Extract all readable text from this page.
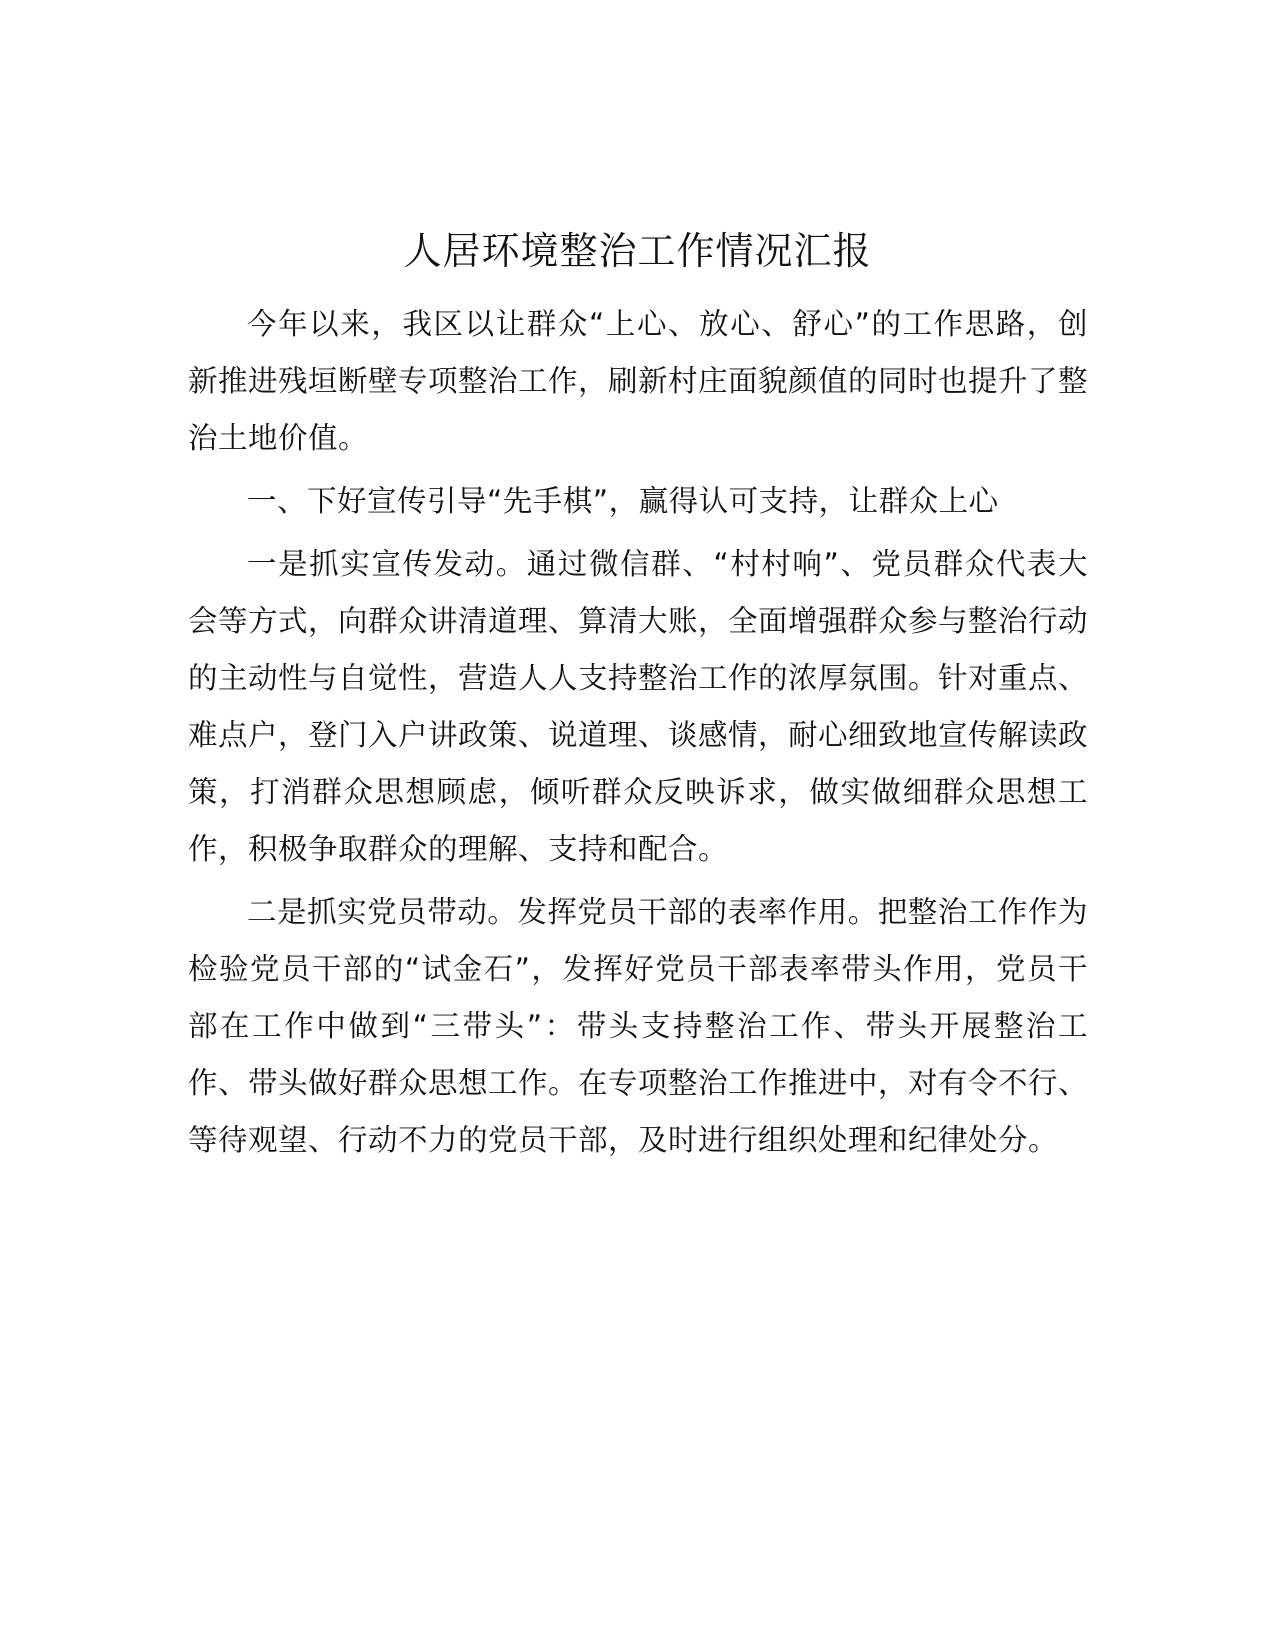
人居环境整治工作情况汇报

今年以来，我区以让群众“上心、放心、舒心”的工作思路，创新推进残垣断壁专项整治工作，刷新村庄面貌颜值的同时也提升了整治土地价值。

一、下好宣传引导“先手棋”，赢得认可支持，让群众上心

一是抓实宣传发动。通过微信群、“村村响”、党员群众代表大会等方式，向群众讲清道理、算清大账，全面增强群众参与整治行动的主动性与自觉性，营造人人支持整治工作的浓厚氛围。针对重点、难点户，登门入户讲政策、说道理、谈感情，耐心细致地宣传解读政策，打消群众思想顾虑，倾听群众反映诉求，做实做细群众思想工作，积极争取群众的理解、支持和配合。

二是抓实党员带动。发挥党员干部的表率作用。把整治工作作为检验党员干部的“试金石”，发挥好党员干部表率带头作用，党员干部在工作中做到“三带头”：带头支持整治工作、带头开展整治工作、带头做好群众思想工作。在专项整治工作推进中，对有令不行、等待观望、行动不力的党员干部，及时进行组织处理和纪律处分。
